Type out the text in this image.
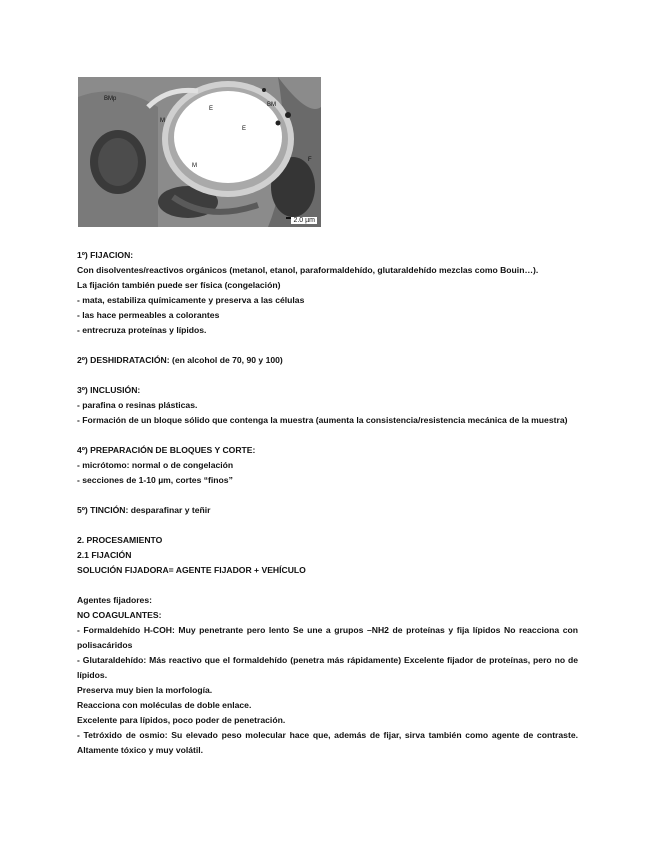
BMp
M
E
E
BM
M
F
2.0 µm

1º) FIJACION:

Con disolventes/reactivos orgánicos (metanol, etanol, paraformaldehído, glutaraldehído mezclas como Bouin…).

La fijación también puede ser física (congelación)

- mata, estabiliza químicamente y preserva a las células

- las hace permeables a colorantes

- entrecruza proteínas y lípidos.

2º) DESHIDRATACIÓN: (en alcohol de 70, 90 y 100)

3º) INCLUSIÓN:

- parafina o resinas plásticas.

- Formación de un bloque sólido que contenga la muestra (aumenta la consistencia/resistencia mecánica de la muestra)

4º) PREPARACIÓN DE BLOQUES Y CORTE:

- micrótomo: normal o de congelación

- secciones de 1-10 µm, cortes “finos”

5º) TINCIÓN: desparafinar y teñir

2. PROCESAMIENTO

2.1 FIJACIÓN

SOLUCIÓN FIJADORA= AGENTE FIJADOR + VEHÍCULO

Agentes fijadores:

NO COAGULANTES:

- Formaldehído H-COH: Muy penetrante pero lento Se une a grupos –NH2 de proteínas y fija lípidos No reacciona con polisacáridos

- Glutaraldehído: Más reactivo que el formaldehído (penetra más rápidamente) Excelente fijador de proteínas, pero no de lípidos.

Preserva muy bien la morfología.

Reacciona con moléculas de doble enlace.

Excelente para lípidos, poco poder de penetración.

- Tetróxido de osmio: Su elevado peso molecular hace que, además de fijar, sirva también como agente de contraste. Altamente tóxico y muy volátil.
